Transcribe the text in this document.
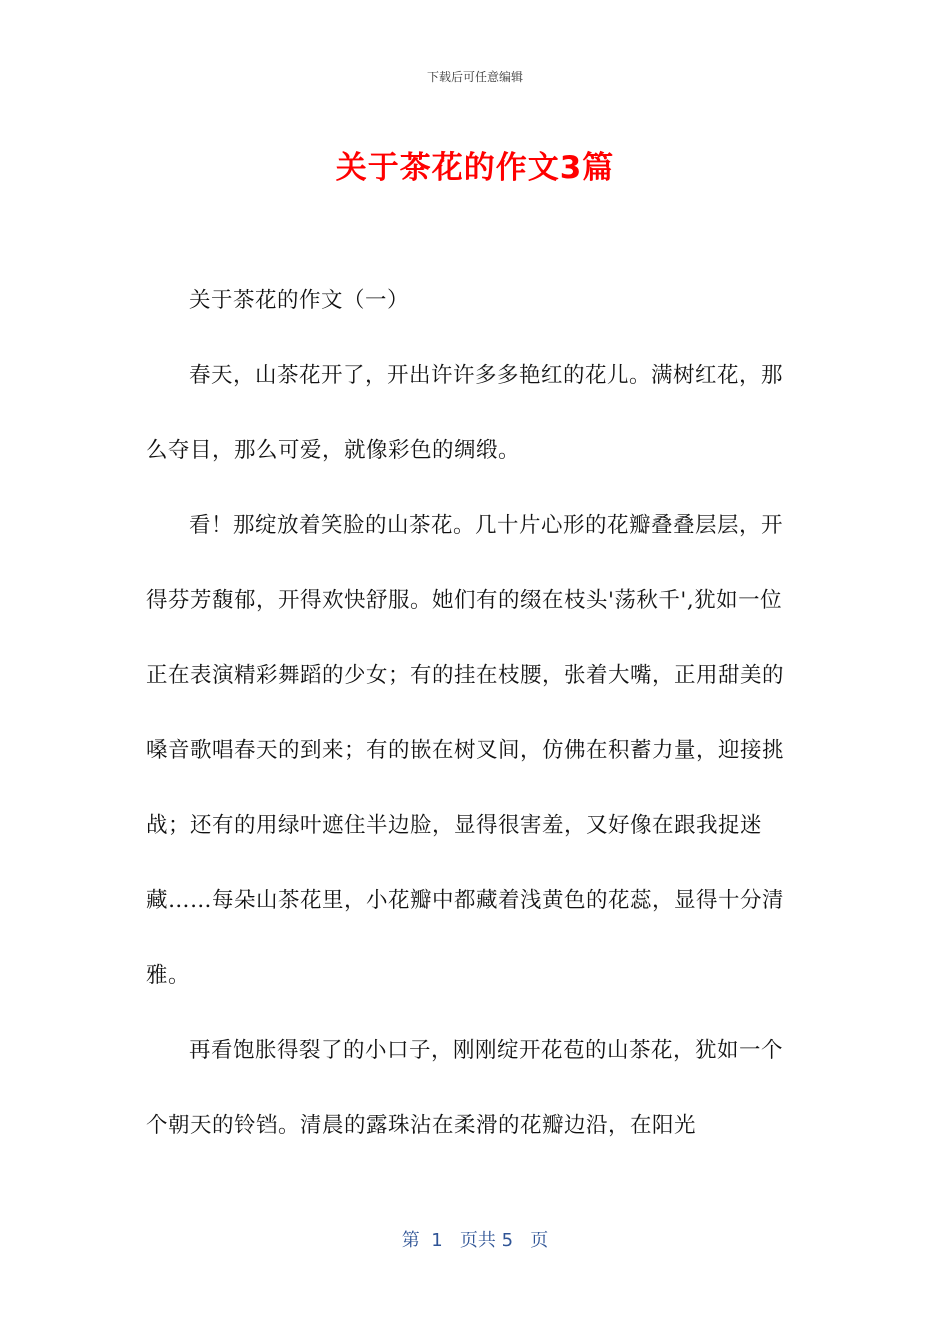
下载后可任意编辑
关于茶花的作文3篇

关于茶花的作文（一）

春天，山茶花开了，开出许许多多艳红的花儿。满树红花，那么夺目，那么可爱，就像彩色的绸缎。

看！那绽放着笑脸的山茶花。几十片心形的花瓣叠叠层层，开得芬芳馥郁，开得欢快舒服。她们有的缀在枝头'荡秋千',犹如一位正在表演精彩舞蹈的少女；有的挂在枝腰，张着大嘴，正用甜美的嗓音歌唱春天的到来；有的嵌在树叉间，仿佛在积蓄力量，迎接挑战；还有的用绿叶遮住半边脸，显得很害羞，又好像在跟我捉迷藏……每朵山茶花里，小花瓣中都藏着浅黄色的花蕊，显得十分清雅。

再看饱胀得裂了的小口子，刚刚绽开花苞的山茶花，犹如一个个朝天的铃铛。清晨的露珠沾在柔滑的花瓣边沿，在阳光

第  1   页共 5   页
